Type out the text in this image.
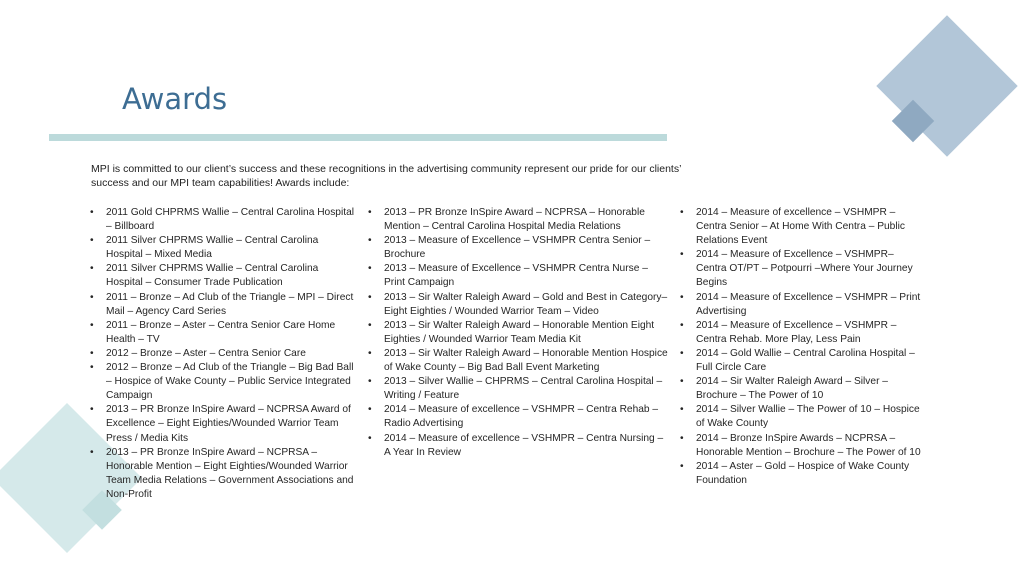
Awards

MPI is committed to our client’s success and these recognitions in the advertising community represent our pride for our clients’ success and our MPI team capabilities! Awards include:

• 2011 Gold CHPRMS Wallie – Central Carolina Hospital – Billboard
• 2011 Silver CHPRMS Wallie – Central Carolina Hospital – Mixed Media
• 2011 Silver CHPRMS Wallie – Central Carolina Hospital – Consumer Trade Publication
• 2011 – Bronze – Ad Club of the Triangle – MPI – Direct Mail – Agency Card Series
• 2011 – Bronze – Aster – Centra Senior Care Home Health – TV
• 2012 – Bronze – Aster – Centra Senior Care
• 2012 – Bronze – Ad Club of the Triangle – Big Bad Ball – Hospice of Wake County – Public Service Integrated Campaign
• 2013 – PR Bronze InSpire Award – NCPRSA Award of Excellence – Eight Eighties/Wounded Warrior Team Press / Media Kits
• 2013 – PR Bronze InSpire Award – NCPRSA – Honorable Mention – Eight Eighties/Wounded Warrior Team Media Relations – Government Associations and Non-Profit
• 2013 – PR Bronze InSpire Award – NCPRSA – Honorable Mention – Central Carolina Hospital Media Relations
• 2013 – Measure of Excellence – VSHMPR Centra Senior – Brochure
• 2013 – Measure of Excellence – VSHMPR Centra Nurse – Print Campaign
• 2013 – Sir Walter Raleigh Award – Gold and Best in Category– Eight Eighties / Wounded Warrior Team – Video
• 2013 – Sir Walter Raleigh Award – Honorable Mention Eight Eighties / Wounded Warrior Team Media Kit
• 2013 – Sir Walter Raleigh Award – Honorable Mention Hospice of Wake County – Big Bad Ball Event Marketing
• 2013 – Silver Wallie – CHPRMS – Central Carolina Hospital – Writing / Feature
• 2014 – Measure of excellence – VSHMPR – Centra Rehab – Radio Advertising
• 2014 – Measure of excellence – VSHMPR – Centra Nursing – A Year In Review
• 2014 – Measure of excellence – VSHMPR – Centra Senior – At Home With Centra – Public Relations Event
• 2014 – Measure of Excellence – VSHMPR– Centra OT/PT – Potpourri –Where Your Journey Begins
• 2014 – Measure of Excellence – VSHMPR – Print Advertising
• 2014 – Measure of Excellence – VSHMPR – Centra Rehab. More Play, Less Pain
• 2014 – Gold Wallie – Central Carolina Hospital – Full Circle Care
• 2014 – Sir Walter Raleigh Award – Silver – Brochure – The Power of 10
• 2014 – Silver Wallie – The Power of 10 – Hospice of Wake County
• 2014 – Bronze InSpire Awards – NCPRSA – Honorable Mention – Brochure – The Power of 10
• 2014 – Aster – Gold – Hospice of Wake County Foundation
